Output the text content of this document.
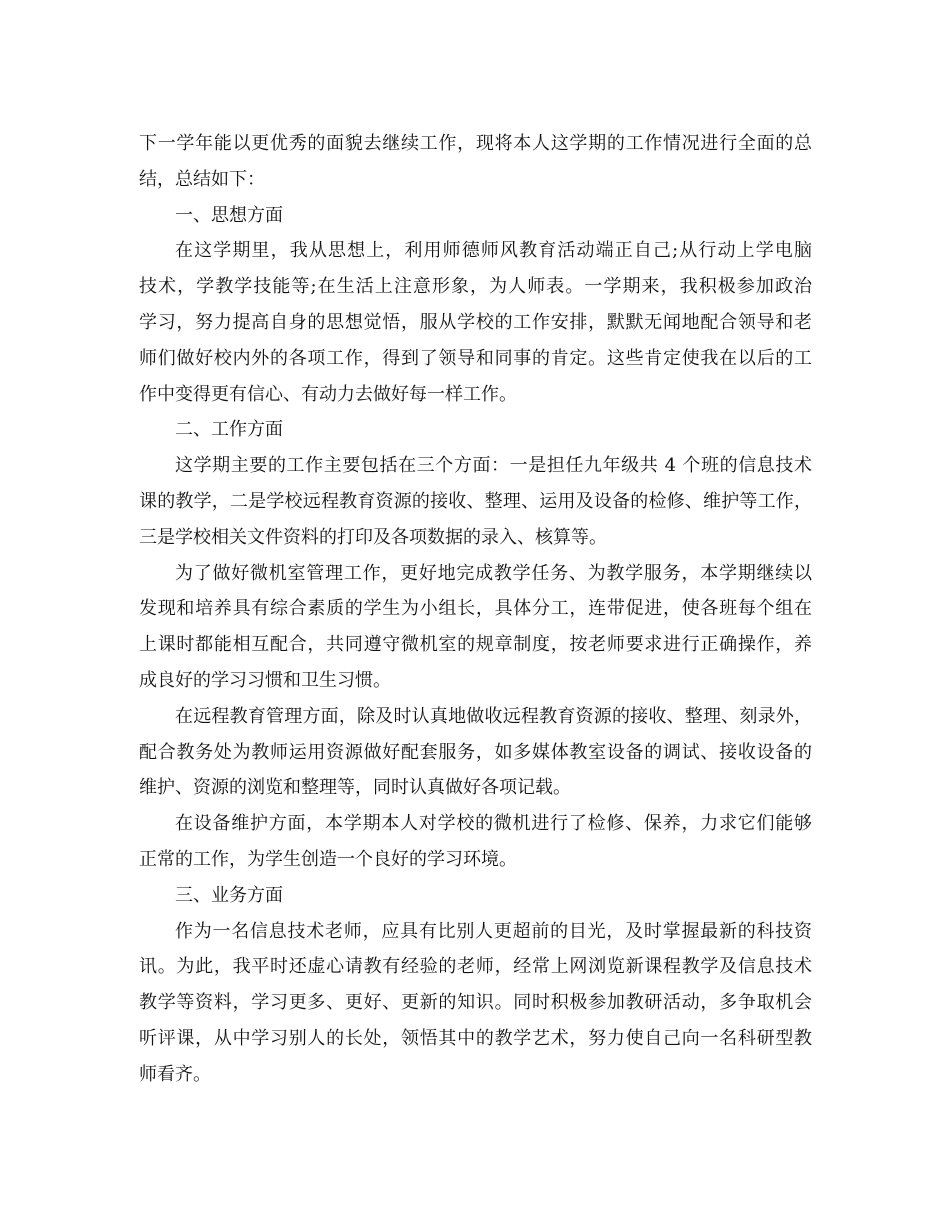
下一学年能以更优秀的面貌去继续工作，现将本人这学期的工作情况进行全面的总
结，总结如下：
一、思想方面
在这学期里，我从思想上，利用师德师风教育活动端正自己;从行动上学电脑
技术，学教学技能等;在生活上注意形象，为人师表。一学期来，我积极参加政治
学习，努力提高自身的思想觉悟，服从学校的工作安排，默默无闻地配合领导和老
师们做好校内外的各项工作，得到了领导和同事的肯定。这些肯定使我在以后的工
作中变得更有信心、有动力去做好每一样工作。
二、工作方面
这学期主要的工作主要包括在三个方面：一是担任九年级共 4 个班的信息技术
课的教学，二是学校远程教育资源的接收、整理、运用及设备的检修、维护等工作，
三是学校相关文件资料的打印及各项数据的录入、核算等。
为了做好微机室管理工作，更好地完成教学任务、为教学服务，本学期继续以
发现和培养具有综合素质的学生为小组长，具体分工，连带促进，使各班每个组在
上课时都能相互配合，共同遵守微机室的规章制度，按老师要求进行正确操作，养
成良好的学习习惯和卫生习惯。
在远程教育管理方面，除及时认真地做收远程教育资源的接收、整理、刻录外，
配合教务处为教师运用资源做好配套服务，如多媒体教室设备的调试、接收设备的
维护、资源的浏览和整理等，同时认真做好各项记载。
在设备维护方面，本学期本人对学校的微机进行了检修、保养，力求它们能够
正常的工作，为学生创造一个良好的学习环境。
三、业务方面
作为一名信息技术老师，应具有比别人更超前的目光，及时掌握最新的科技资
讯。为此，我平时还虚心请教有经验的老师，经常上网浏览新课程教学及信息技术
教学等资料，学习更多、更好、更新的知识。同时积极参加教研活动，多争取机会
听评课，从中学习别人的长处，领悟其中的教学艺术，努力使自己向一名科研型教
师看齐。
